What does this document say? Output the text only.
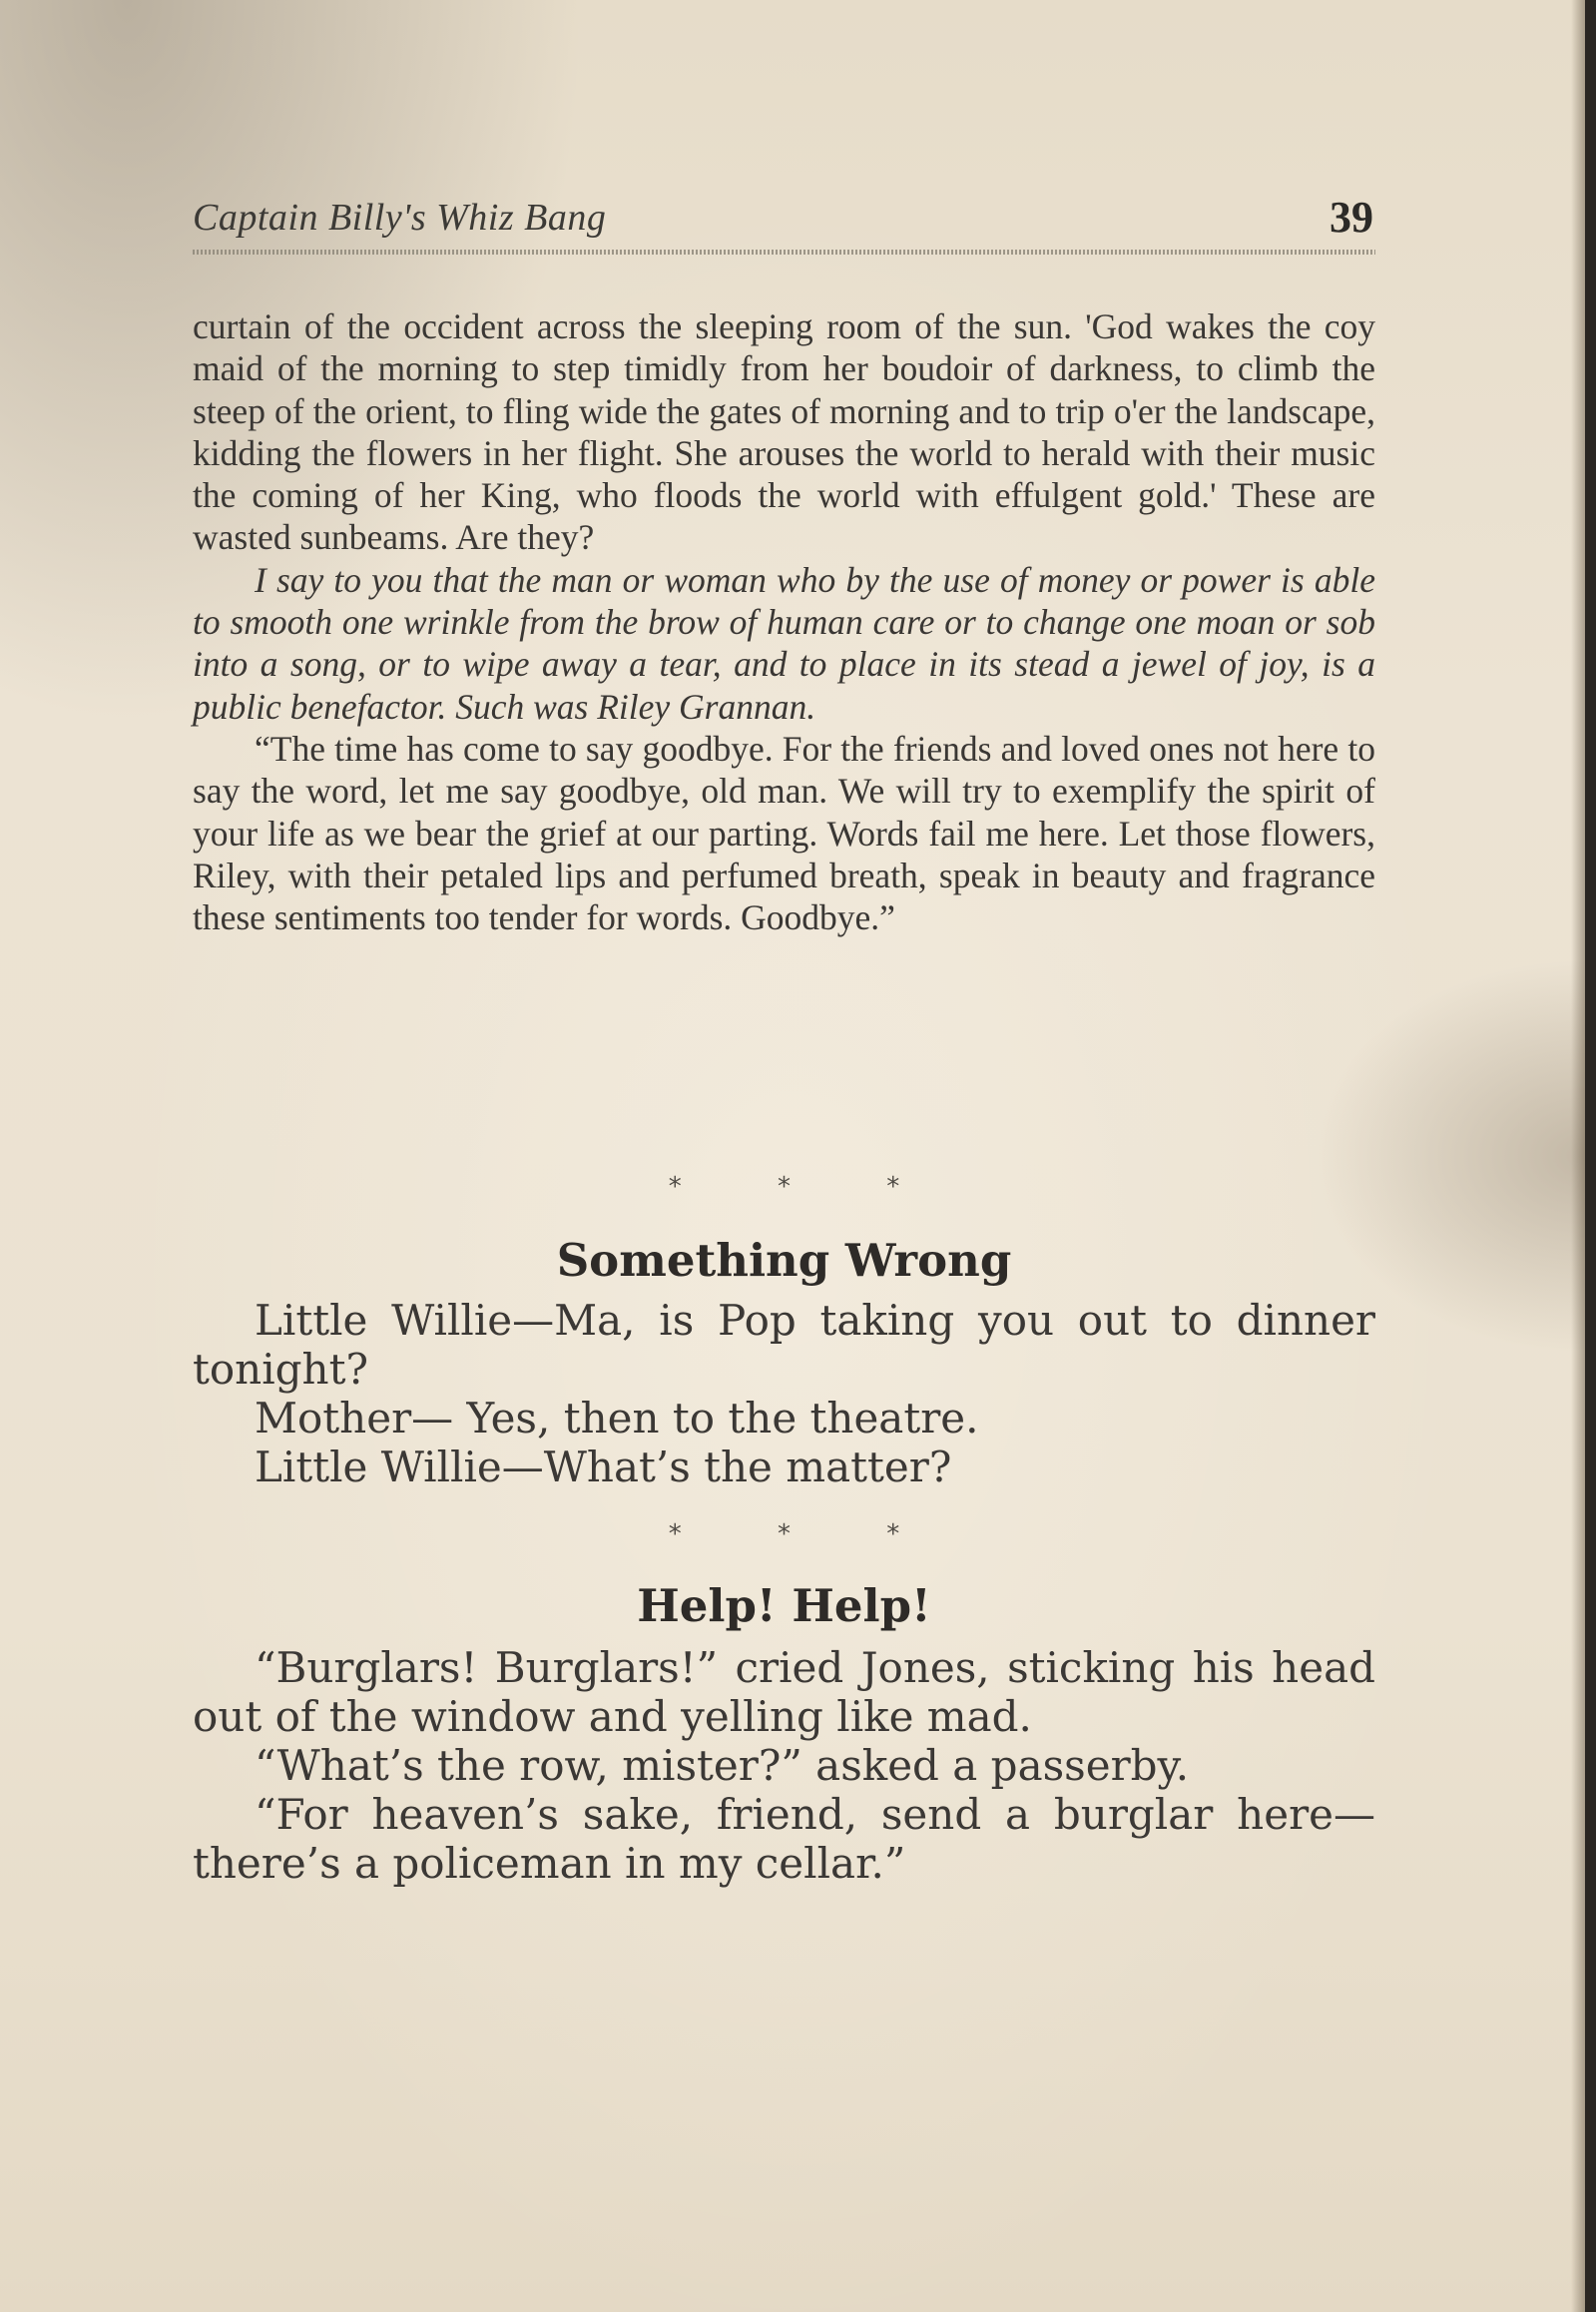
Captain Billy's Whiz Bang	39

curtain of the occident across the sleeping room of the sun. 'God wakes the coy maid of the morning to step timidly from her boudoir of darkness, to climb the steep of the orient, to fling wide the gates of morning and to trip o'er the landscape, kidding the flowers in her flight. She arouses the world to herald with their music the coming of her King, who floods the world with effulgent gold.' These are wasted sunbeams. Are they?

I say to you that the man or woman who by the use of money or power is able to smooth one wrinkle from the brow of human care or to change one moan or sob into a song, or to wipe away a tear, and to place in its stead a jewel of joy, is a public benefactor. Such was Riley Grannan.

“The time has come to say goodbye. For the friends and loved ones not here to say the word, let me say goodbye, old man. We will try to exemplify the spirit of your life as we bear the grief at our parting. Words fail me here. Let those flowers, Riley, with their petaled lips and perfumed breath, speak in beauty and fragrance these sentiments too tender for words. Goodbye.”

* * *
Something Wrong

Little Willie—Ma, is Pop taking you out to dinner tonight?

Mother— Yes, then to the theatre.

Little Willie—What’s the matter?

* * *
Help! Help!

“Burglars! Burglars!” cried Jones, sticking his head out of the window and yelling like mad.

“What’s the row, mister?” asked a passerby.

“For heaven’s sake, friend, send a burglar here—there’s a policeman in my cellar.”
